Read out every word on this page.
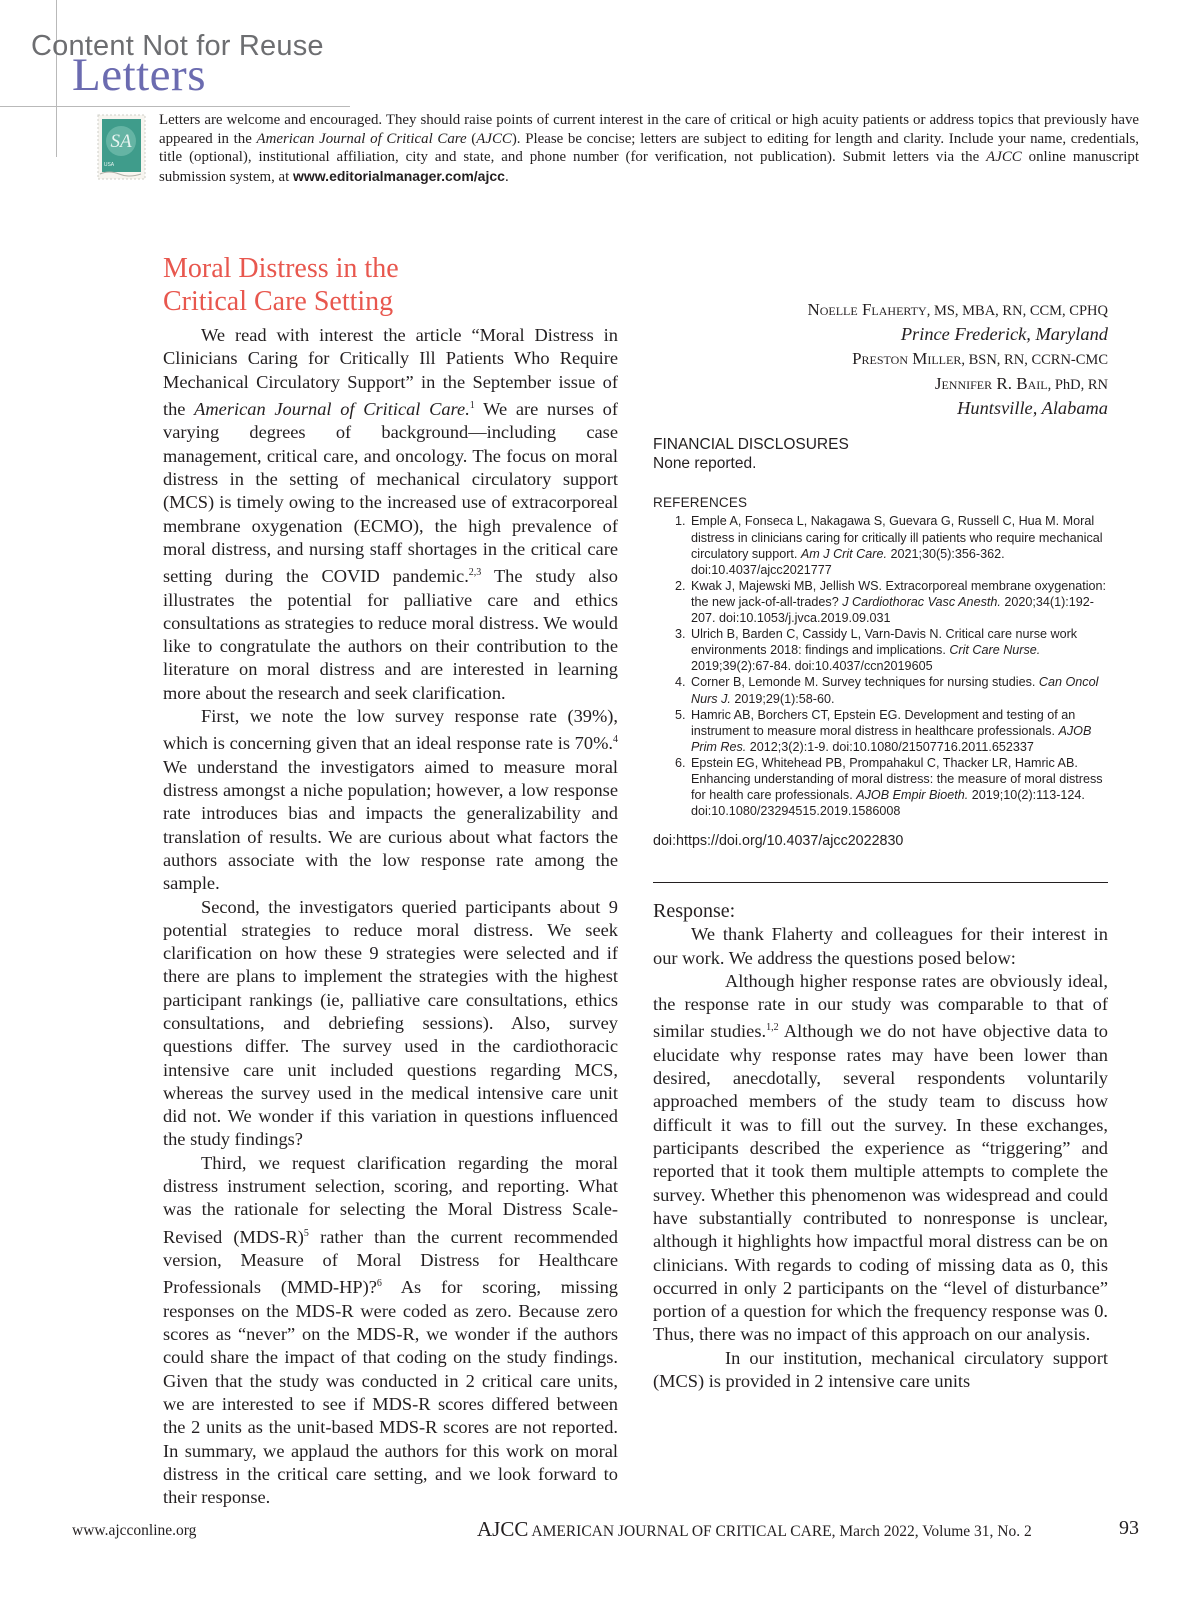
Letters
Content Not for Reuse
SA
USA
Letters are welcome and encouraged. They should raise points of current interest in the care of critical or high acuity patients or address topics that previously have appeared in the American Journal of Critical Care (AJCC). Please be concise; letters are subject to editing for length and clarity. Include your name, credentials, title (optional), institutional affiliation, city and state, and phone number (for verification, not publication). Submit letters via the AJCC online manuscript submission system, at www.editorialmanager.com/ajcc.
Moral Distress in the
Critical Care Setting

We read with interest the article “Moral Distress in Clinicians Caring for Critically Ill Patients Who Require Mechanical Circulatory Support” in the September issue of the American Journal of Critical Care.$^1$ We are nurses of varying degrees of background—including case management, critical care, and oncology. The focus on moral distress in the setting of mechanical circulatory support (MCS) is timely owing to the increased use of extracorporeal membrane oxygenation (ECMO), the high prevalence of moral distress, and nursing staff shortages in the critical care setting during the COVID pandemic.$^{2,3}$ The study also illustrates the potential for palliative care and ethics consultations as strategies to reduce moral distress. We would like to congratulate the authors on their contribution to the literature on moral distress and are interested in learning more about the research and seek clarification.

First, we note the low survey response rate (39%), which is concerning given that an ideal response rate is 70%.$^4$ We understand the investigators aimed to measure moral distress amongst a niche population; however, a low response rate introduces bias and impacts the generalizability and translation of results. We are curious about what factors the authors associate with the low response rate among the sample.

Second, the investigators queried participants about 9 potential strategies to reduce moral distress. We seek clarification on how these 9 strategies were selected and if there are plans to implement the strategies with the highest participant rankings (ie, palliative care consultations, ethics consultations, and debriefing sessions). Also, survey questions differ. The survey used in the cardiothoracic intensive care unit included questions regarding MCS, whereas the survey used in the medical intensive care unit did not. We wonder if this variation in questions influenced the study findings?

Third, we request clarification regarding the moral distress instrument selection, scoring, and reporting. What was the rationale for selecting the Moral Distress Scale-Revised $(MDS-R)^5$ rather than the current recommended version, Measure of Moral Distress for Healthcare Professionals (MMD-HP)?$^6$ As for scoring, missing responses on the MDS-R were coded as zero. Because zero scores as “never” on the MDS-R, we wonder if the authors could share the impact of that coding on the study findings. Given that the study was conducted in 2 critical care units, we are interested to see if MDS-R scores differed between the 2 units as the unit-based MDS-R scores are not reported. In summary, we applaud the authors for this work on moral distress in the critical care setting, and we look forward to their response.

Noelle Flaherty, MS, MBA, RN, CCM, CPHQ
Prince Frederick, Maryland
Preston Miller, BSN, RN, CCRN-CMC
Jennifer R. Bail, PhD, RN
Huntsville, Alabama
FINANCIAL DISCLOSURES
None reported.
REFERENCES
1. Emple A, Fonseca L, Nakagawa S, Guevara G, Russell C, Hua M. Moral distress in clinicians caring for critically ill patients who require mechanical circulatory support. Am J Crit Care. 2021;30(5):356-362. doi:10.4037/ajcc2021777
2. Kwak J, Majewski MB, Jellish WS. Extracorporeal membrane oxygenation: the new jack-of-all-trades? J Cardiothorac Vasc Anesth. 2020;34(1):192-207. doi:10.1053/j.jvca.2019.09.031
3. Ulrich B, Barden C, Cassidy L, Varn-Davis N. Critical care nurse work environments 2018: findings and implications. Crit Care Nurse. 2019;39(2):67-84. doi:10.4037/ccn2019605
4. Corner B, Lemonde M. Survey techniques for nursing studies. Can Oncol Nurs J. 2019;29(1):58-60.
5. Hamric AB, Borchers CT, Epstein EG. Development and testing of an instrument to measure moral distress in healthcare professionals. AJOB Prim Res. 2012;3(2):1-9. doi:10.1080/21507716.2011.652337
6. Epstein EG, Whitehead PB, Prompahakul C, Thacker LR, Hamric AB. Enhancing understanding of moral distress: the measure of moral distress for health care professionals. AJOB Empir Bioeth. 2019;10(2):113-124. doi:10.1080/23294515.2019.1586008
doi:https://doi.org/10.4037/ajcc2022830
Response:

We thank Flaherty and colleagues for their interest in our work. We address the questions posed below:

Although higher response rates are obviously ideal, the response rate in our study was comparable to that of similar studies.$^{1,2}$ Although we do not have objective data to elucidate why response rates may have been lower than desired, anecdotally, several respondents voluntarily approached members of the study team to discuss how difficult it was to fill out the survey. In these exchanges, participants described the experience as “triggering” and reported that it took them multiple attempts to complete the survey. Whether this phenomenon was widespread and could have substantially contributed to nonresponse is unclear, although it highlights how impactful moral distress can be on clinicians. With regards to coding of missing data as 0, this occurred in only 2 participants on the “level of disturbance” portion of a question for which the frequency response was 0. Thus, there was no impact of this approach on our analysis.

In our institution, mechanical circulatory support (MCS) is provided in 2 intensive care units

www.ajcconline.org	AJCC AMERICAN JOURNAL OF CRITICAL CARE, March 2022, Volume 31, No. 2	93
